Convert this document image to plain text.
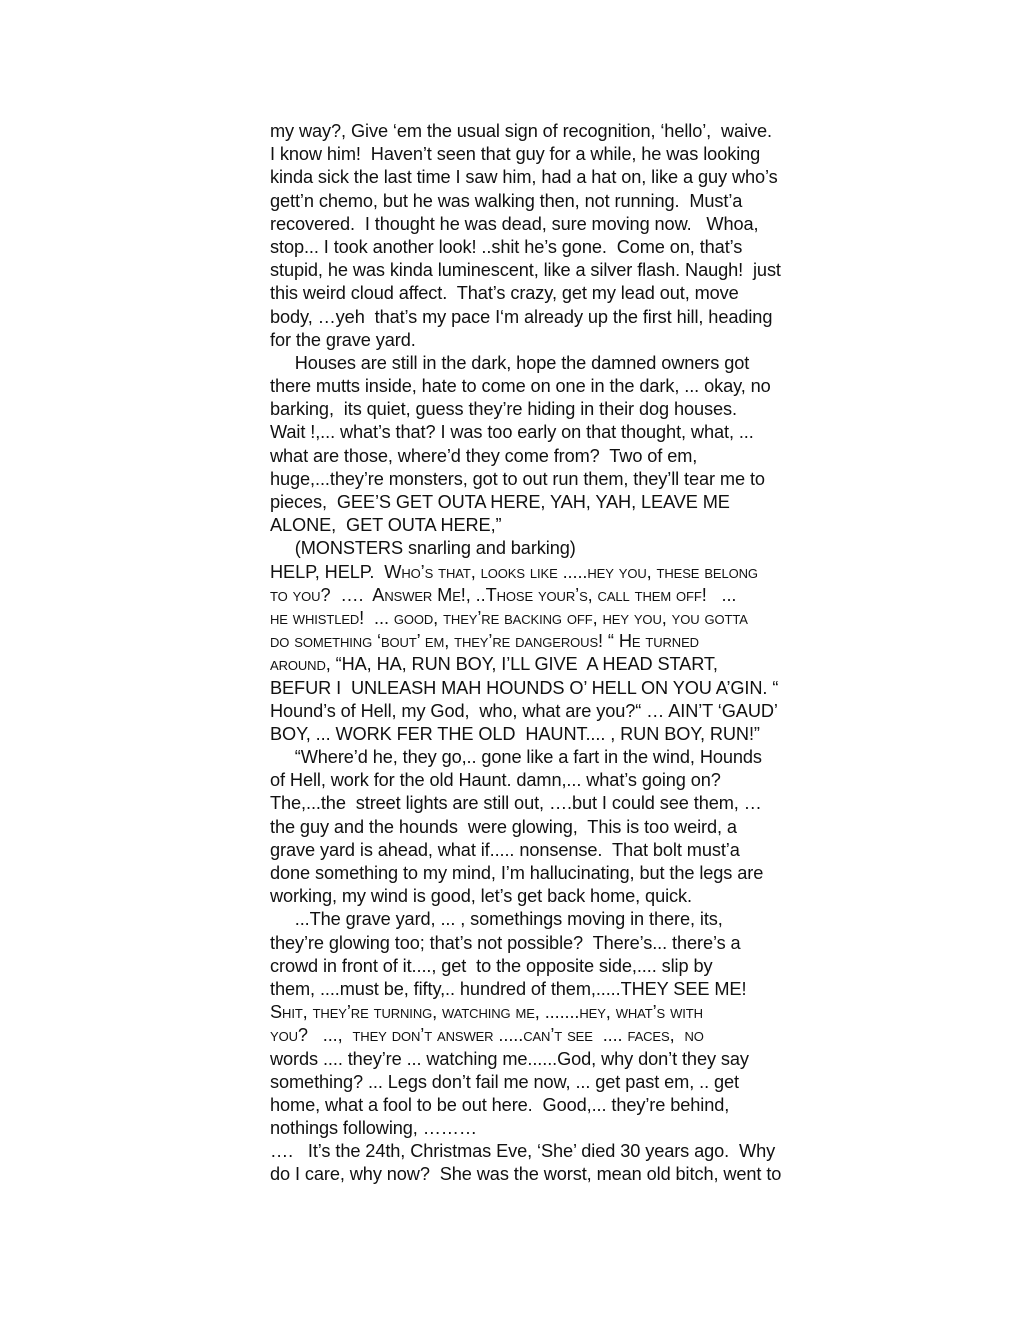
my way?, Give ‘em the usual sign of recognition, ‘hello’,  waive.
I know him!  Haven’t seen that guy for a while, he was looking
kinda sick the last time I saw him, had a hat on, like a guy who’s
gett’n chemo, but he was walking then, not running.  Must’a
recovered.  I thought he was dead, sure moving now.   Whoa,
stop... I took another look! ..shit he’s gone.  Come on, that’s
stupid, he was kinda luminescent, like a silver flash. Naugh!  just
this weird cloud affect.  That’s crazy, get my lead out, move
body, …yeh  that’s my pace I‘m already up the first hill, heading
for the grave yard.
Houses are still in the dark, hope the damned owners got
there mutts inside, hate to come on one in the dark, ... okay, no
barking,  its quiet, guess they’re hiding in their dog houses.
Wait !,... what’s that? I was too early on that thought, what, ...
what are those, where’d they come from?  Two of em,
huge,...they’re monsters, got to out run them, they’ll tear me to
pieces,  GEE’S GET OUTA HERE, YAH, YAH, LEAVE ME
ALONE,  GET OUTA HERE,”
(MONSTERS snarling and barking)
HELP, HELP.  Who’s that, looks like .....hey you, these belong
to you?  ….  Answer Me!, ..Those your’s, call them off!   ...
he whistled!  ... good, they’re backing off, hey you, you gotta
do something ‘bout’ em, they’re dangerous! “ He turned
around, “HA, HA, RUN BOY, I’LL GIVE  A HEAD START,
BEFUR I  UNLEASH MAH HOUNDS O’ HELL ON YOU A’GIN. “
Hound’s of Hell, my God,  who, what are you?“ … AIN’T ‘GAUD’
BOY, ... WORK FER THE OLD  HAUNT.... , RUN BOY, RUN!”
“Where’d he, they go,.. gone like a fart in the wind, Hounds
of Hell, work for the old Haunt. damn,... what’s going on?
The,...the  street lights are still out, ….but I could see them, …
the guy and the hounds  were glowing,  This is too weird, a
grave yard is ahead, what if..... nonsense.  That bolt must’a
done something to my mind, I’m hallucinating, but the legs are
working, my wind is good, let’s get back home, quick.
...The grave yard, ... , somethings moving in there, its,
they’re glowing too; that’s not possible?  There’s... there’s a
crowd in front of it...., get  to the opposite side,.... slip by
them, ....must be, fifty,.. hundred of them,.....THEY SEE ME!
Shit, they’re turning, watching me, .......hey, what’s with
you?   ...,  they don’t answer .....can’t see  .... faces,  no
words .... they’re ... watching me......God, why don’t they say
something? ... Legs don’t fail me now, ... get past em, .. get
home, what a fool to be out here.  Good,... they’re behind,
nothings following, ………
….   It’s the 24th, Christmas Eve, ‘She’ died 30 years ago.  Why
do I care, why now?  She was the worst, mean old bitch, went to
